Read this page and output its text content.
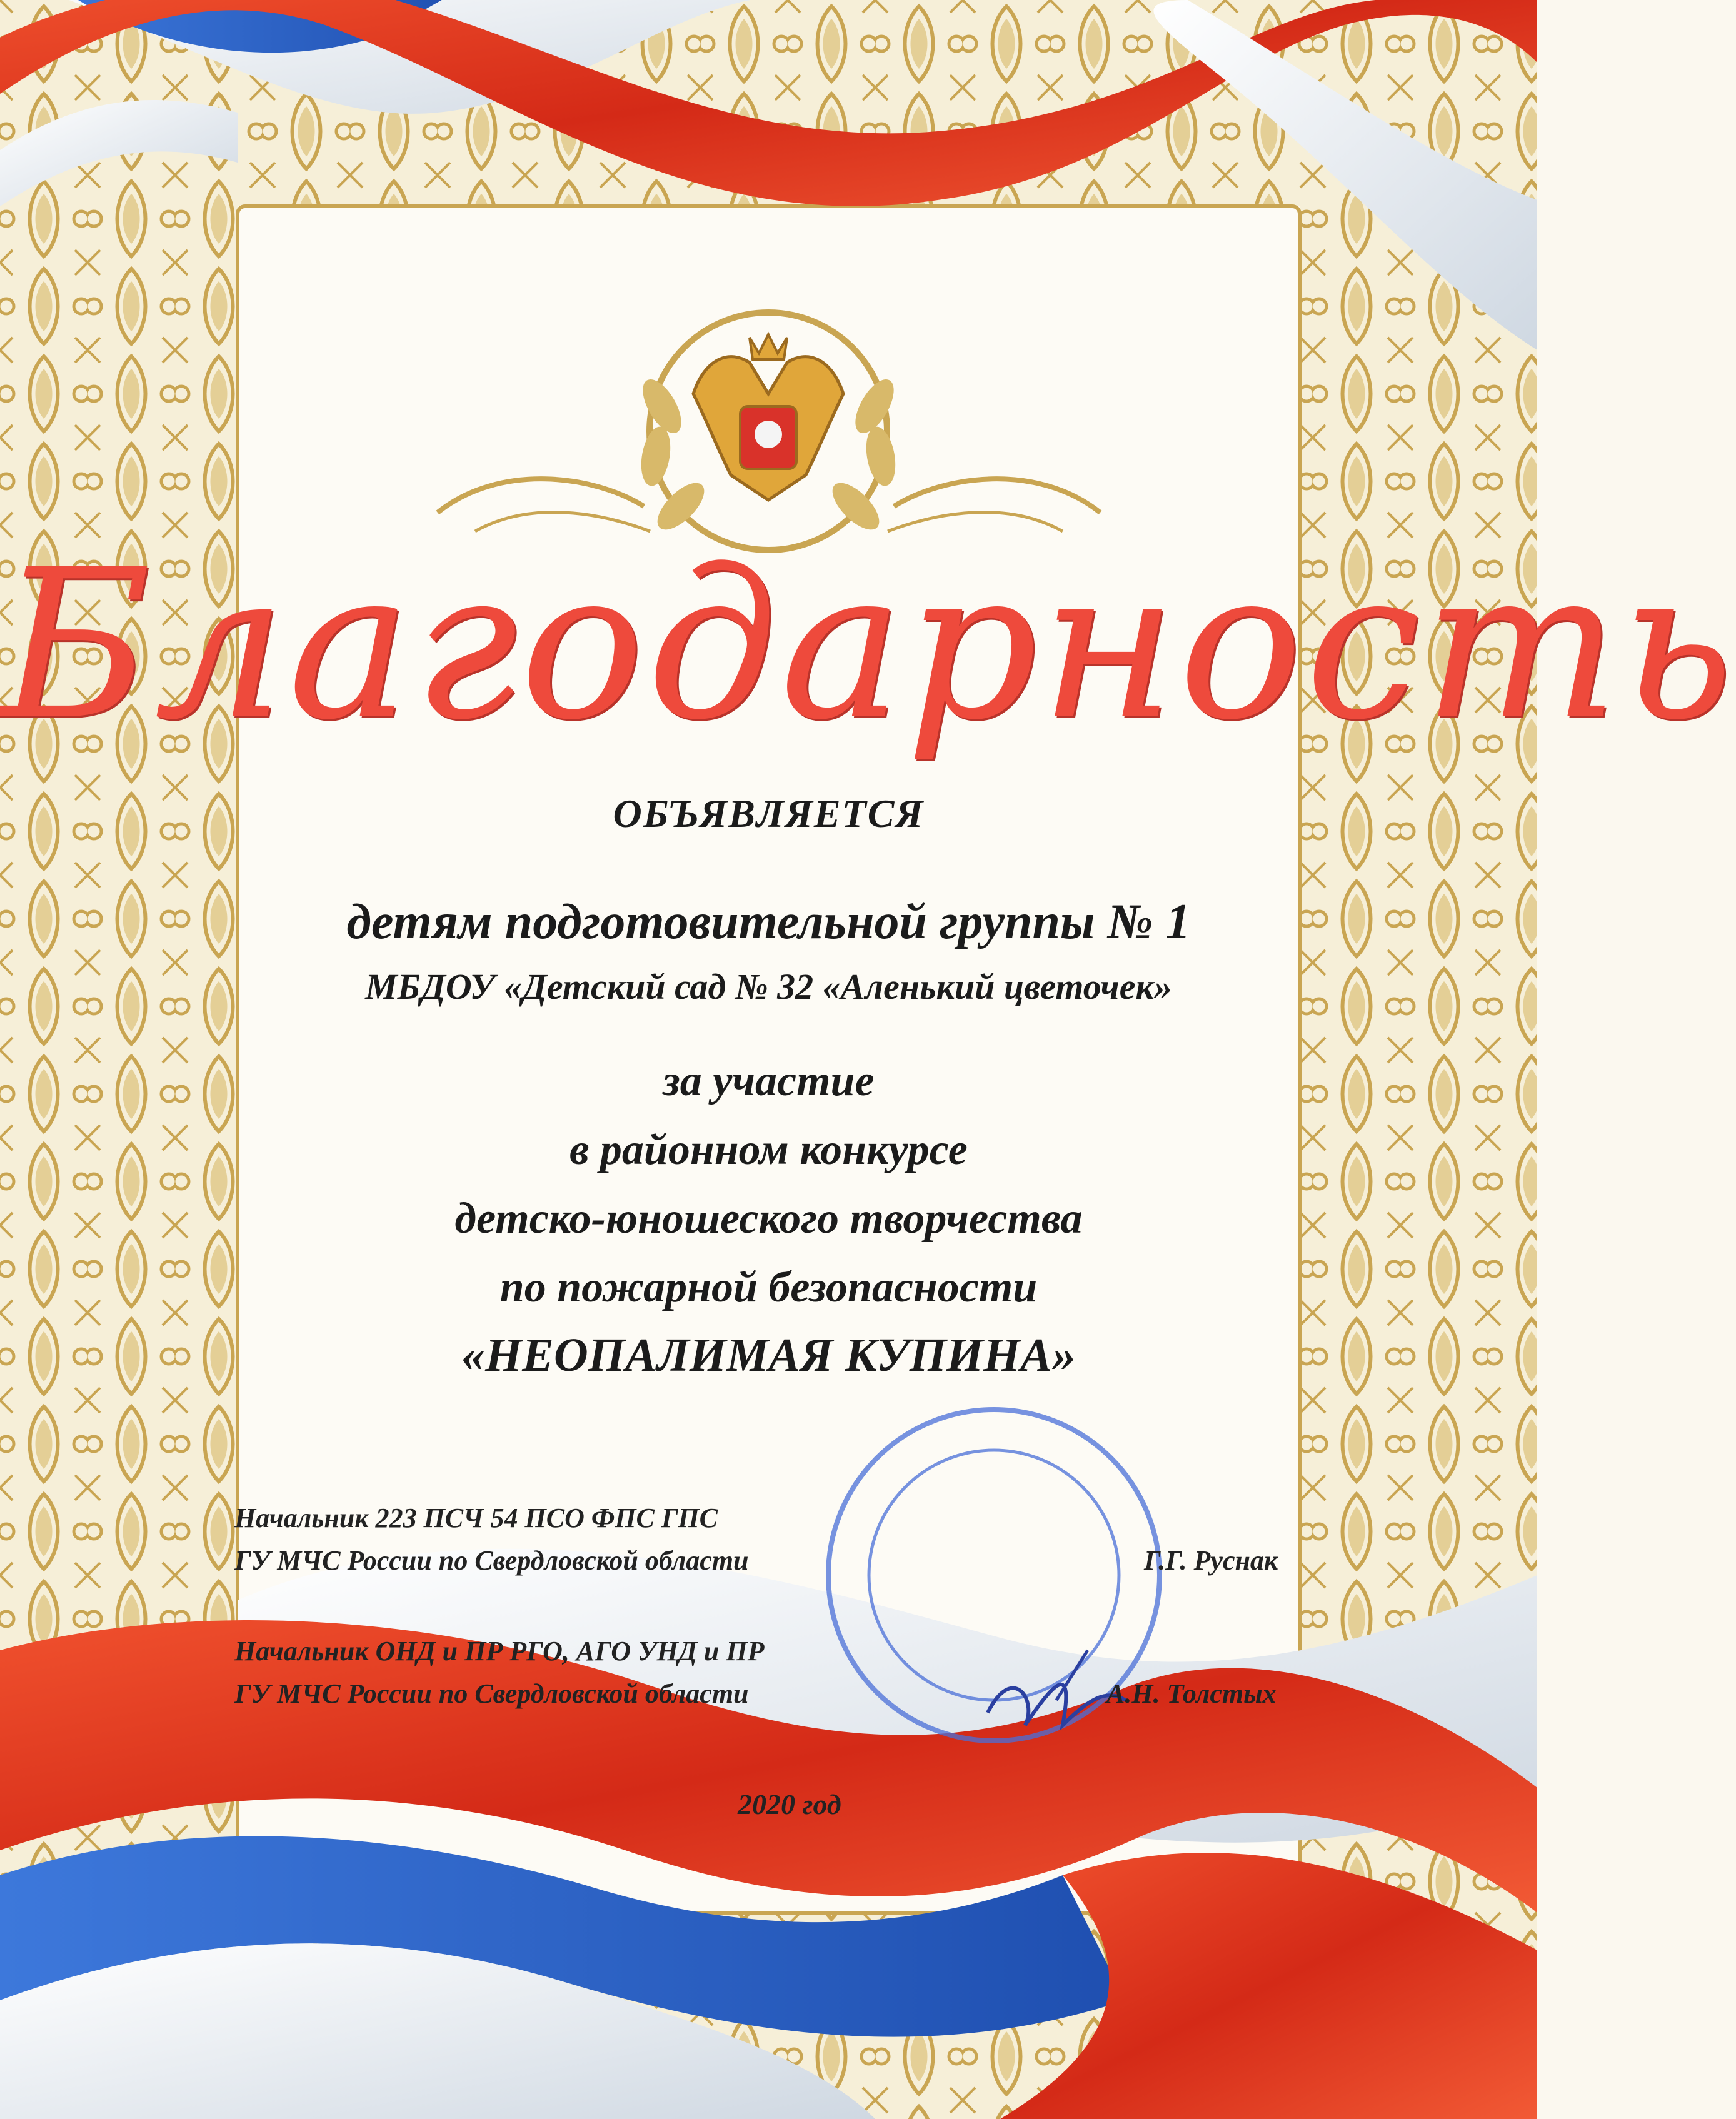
Благодарность
ОБЪЯВЛЯЕТСЯ
детям подготовительной группы № 1
МБДОУ «Детский сад № 32 «Аленький цветочек»
за участие
в районном конкурсе
детско-юношеского творчества
по пожарной безопасности
«НЕОПАЛИМАЯ КУПИНА»
Начальник 223 ПСЧ 54 ПСО ФПС ГПС
ГУ МЧС России по Свердловской области	Г.Г. Руснак
Начальник ОНД и ПР РГО, АГО УНД и ПР
ГУ МЧС России по Свердловской области	А.Н. Толстых
2020 год
